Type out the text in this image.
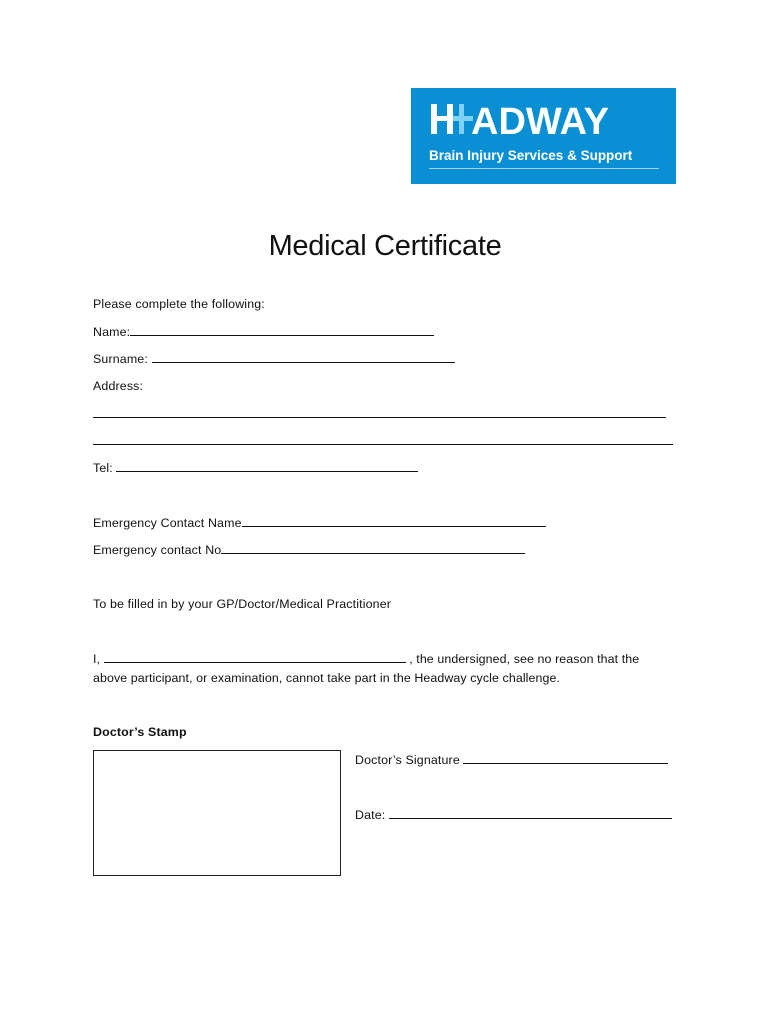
ADWAY
Brain Injury Services & Support
Medical Certificate
Please complete the following:
Name:
Surname:
Address:
Tel:
Emergency Contact Name
Emergency contact No
To be filled in by your GP/Doctor/Medical Practitioner
I,	, the undersigned, see no reason that the
above participant, or examination, cannot take part in the Headway cycle challenge.
Doctor’s Stamp
Doctor’s Signature
Date:
